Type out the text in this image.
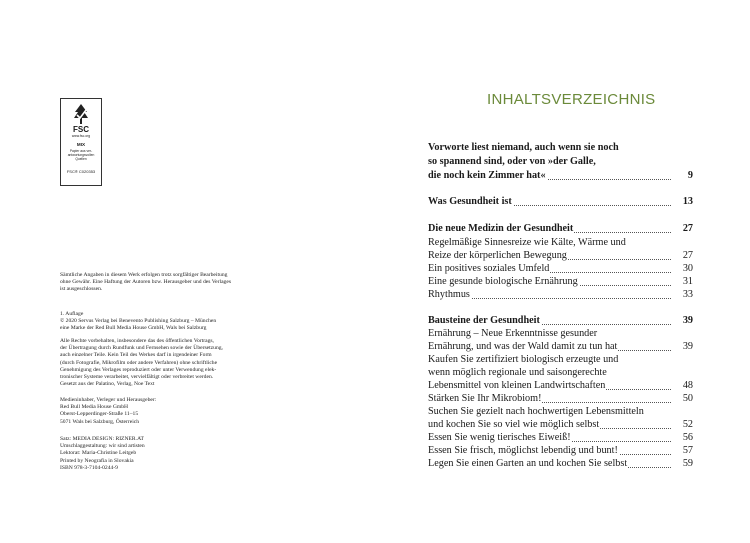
FSC
www.fsc.org
MIX
Papier aus ver-
antwortungsvollen
Quellen
FSC® C020353
Sämtliche Angaben in diesem Werk erfolgen trotz sorgfältiger Bearbeitung
ohne Gewähr. Eine Haftung der Autoren bzw. Herausgeber und des Verlages
ist ausgeschlossen.
1. Auflage
© 2020 Servus Verlag bei Benevento Publishing Salzburg – München
eine Marke der Red Bull Media House GmbH, Wals bei Salzburg
Alle Rechte vorbehalten, insbesondere das des öffentlichen Vortrags,
der Übertragung durch Rundfunk und Fernsehen sowie der Übersetzung,
auch einzelner Teile. Kein Teil des Werkes darf in irgendeiner Form
(durch Fotografie, Mikrofilm oder andere Verfahren) ohne schriftliche
Genehmigung des Verlages reproduziert oder unter Verwendung elek-
tronischer Systeme verarbeitet, vervielfältigt oder verbreitet werden.
Gesetzt aus der Palatino, Verlag, Noe Text
Medieninhaber, Verleger und Herausgeber:
Red Bull Media House GmbH
Oberst-Lepperdinger-Straße 11–15
5071 Wals bei Salzburg, Österreich
Satz: MEDIA DESIGN: RIZNER.AT
Umschlaggestaltung: wir sind artisten
Lektorat: Maria-Christine Leitgeb
Printed by Neografia in Slovakia
ISBN 978-3-7104-0244-9
INHALTSVERZEICHNIS
Vorworte liest niemand, auch wenn sie noch
so spannend sind, oder von »der Galle,
die noch kein Zimmer hat«	9
Was Gesundheit ist	13
Die neue Medizin der Gesundheit	27
Regelmäßige Sinnesreize wie Kälte, Wärme und
Reize der körperlichen Bewegung	27
Ein positives soziales Umfeld	30
Eine gesunde biologische Ernährung	31
Rhythmus	33
Bausteine der Gesundheit	39
Ernährung – Neue Erkenntnisse gesunder
Ernährung, und was der Wald damit zu tun hat	39
Kaufen Sie zertifiziert biologisch erzeugte und
wenn möglich regionale und saisongerechte
Lebensmittel von kleinen Landwirtschaften	48
Stärken Sie Ihr Mikrobiom!	50
Suchen Sie gezielt nach hochwertigen Lebensmitteln
und kochen Sie so viel wie möglich selbst	52
Essen Sie wenig tierisches Eiweiß!	56
Essen Sie frisch, möglichst lebendig und bunt!	57
Legen Sie einen Garten an und kochen Sie selbst	59
